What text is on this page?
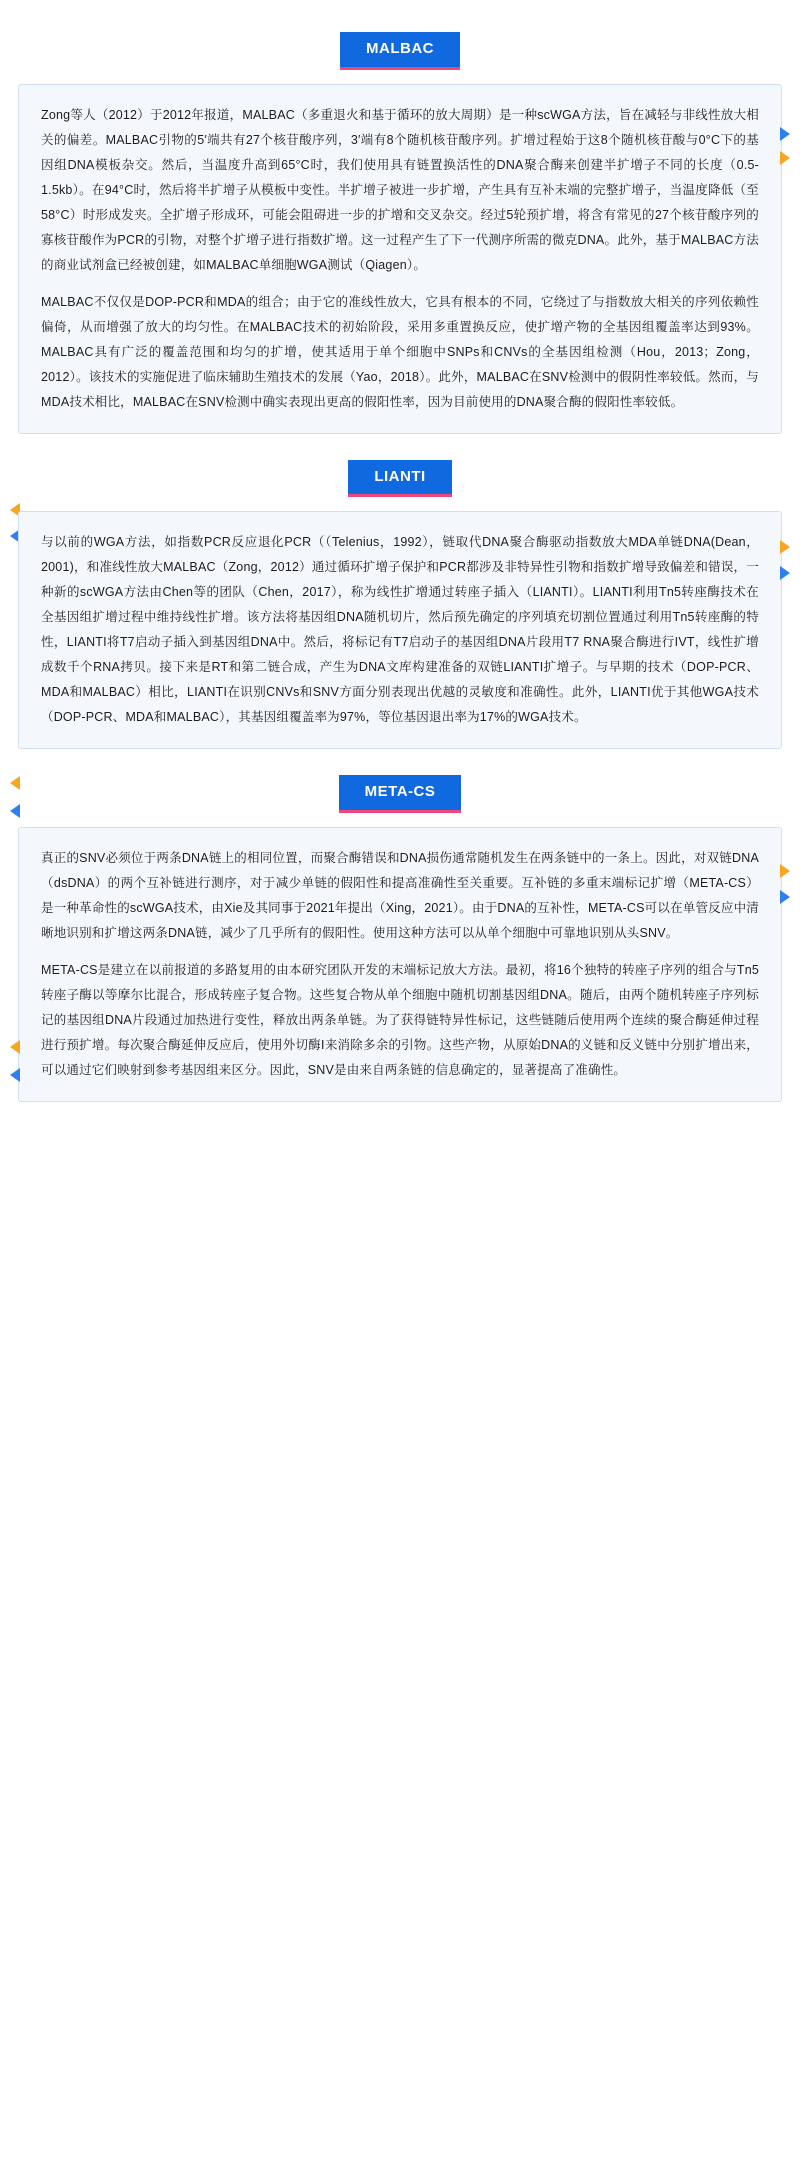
MALBAC

Zong等人（2012）于2012年报道，MALBAC（多重退火和基于循环的放大周期）是一种scWGA方法，旨在减轻与非线性放大相关的偏差。MALBAC引物的5′端共有27个核苷酸序列，3′端有8个随机核苷酸序列。扩增过程始于这8个随机核苷酸与0°C下的基因组DNA模板杂交。然后，当温度升高到65°C时，我们使用具有链置换活性的DNA聚合酶来创建半扩增子不同的长度（0.5-1.5kb）。在94°C时，然后将半扩增子从模板中变性。半扩增子被进一步扩增，产生具有互补末端的完整扩增子，当温度降低（至58°C）时形成发夹。全扩增子形成环，可能会阻碍进一步的扩增和交叉杂交。经过5轮预扩增，将含有常见的27个核苷酸序列的寡核苷酸作为PCR的引物，对整个扩增子进行指数扩增。这一过程产生了下一代测序所需的微克DNA。此外，基于MALBAC方法的商业试剂盒已经被创建，如MALBAC单细胞WGA测试（Qiagen）。

MALBAC不仅仅是DOP-PCR和MDA的组合；由于它的准线性放大，它具有根本的不同，它绕过了与指数放大相关的序列依赖性偏倚，从而增强了放大的均匀性。在MALBAC技术的初始阶段，采用多重置换反应，使扩增产物的全基因组覆盖率达到93%。MALBAC具有广泛的覆盖范围和均匀的扩增，使其适用于单个细胞中SNPs和CNVs的全基因组检测（Hou，2013；Zong，2012）。该技术的实施促进了临床辅助生殖技术的发展（Yao，2018）。此外，MALBAC在SNV检测中的假阴性率较低。然而，与MDA技术相比，MALBAC在SNV检测中确实表现出更高的假阳性率，因为目前使用的DNA聚合酶的假阳性率较低。

LIANTI

与以前的WGA方法，如指数PCR反应退化PCR（（Telenius，1992），链取代DNA聚合酶驱动指数放大MDA单链DNA(Dean，2001)，和准线性放大MALBAC（Zong，2012）通过循环扩增子保护和PCR都涉及非特异性引物和指数扩增导致偏差和错误，一种新的scWGA方法由Chen等的团队（Chen，2017），称为线性扩增通过转座子插入（LIANTI）。LIANTI利用Tn5转座酶技术在全基因组扩增过程中维持线性扩增。该方法将基因组DNA随机切片，然后预先确定的序列填充切割位置通过利用Tn5转座酶的特性，LIANTI将T7启动子插入到基因组DNA中。然后，将标记有T7启动子的基因组DNA片段用T7 RNA聚合酶进行IVT，线性扩增成数千个RNA拷贝。接下来是RT和第二链合成，产生为DNA文库构建准备的双链LIANTI扩增子。与早期的技术（DOP-PCR、MDA和MALBAC）相比，LIANTI在识别CNVs和SNV方面分别表现出优越的灵敏度和准确性。此外，LIANTI优于其他WGA技术（DOP-PCR、MDA和MALBAC），其基因组覆盖率为97%，等位基因退出率为17%的WGA技术。

META-CS

真正的SNV必须位于两条DNA链上的相同位置，而聚合酶错误和DNA损伤通常随机发生在两条链中的一条上。因此，对双链DNA（dsDNA）的两个互补链进行测序，对于减少单链的假阳性和提高准确性至关重要。互补链的多重末端标记扩增（META-CS）是一种革命性的scWGA技术，由Xie及其同事于2021年提出（Xing，2021）。由于DNA的互补性，META-CS可以在单管反应中清晰地识别和扩增这两条DNA链，减少了几乎所有的假阳性。使用这种方法可以从单个细胞中可靠地识别从头SNV。

META-CS是建立在以前报道的多路复用的由本研究团队开发的末端标记放大方法。最初，将16个独特的转座子序列的组合与Tn5转座子酶以等摩尔比混合，形成转座子复合物。这些复合物从单个细胞中随机切割基因组DNA。随后，由两个随机转座子序列标记的基因组DNA片段通过加热进行变性，释放出两条单链。为了获得链特异性标记，这些链随后使用两个连续的聚合酶延伸过程进行预扩增。每次聚合酶延伸反应后，使用外切酶Ⅰ来消除多余的引物。这些产物，从原始DNA的义链和反义链中分别扩增出来，可以通过它们映射到参考基因组来区分。因此，SNV是由来自两条链的信息确定的，显著提高了准确性。
